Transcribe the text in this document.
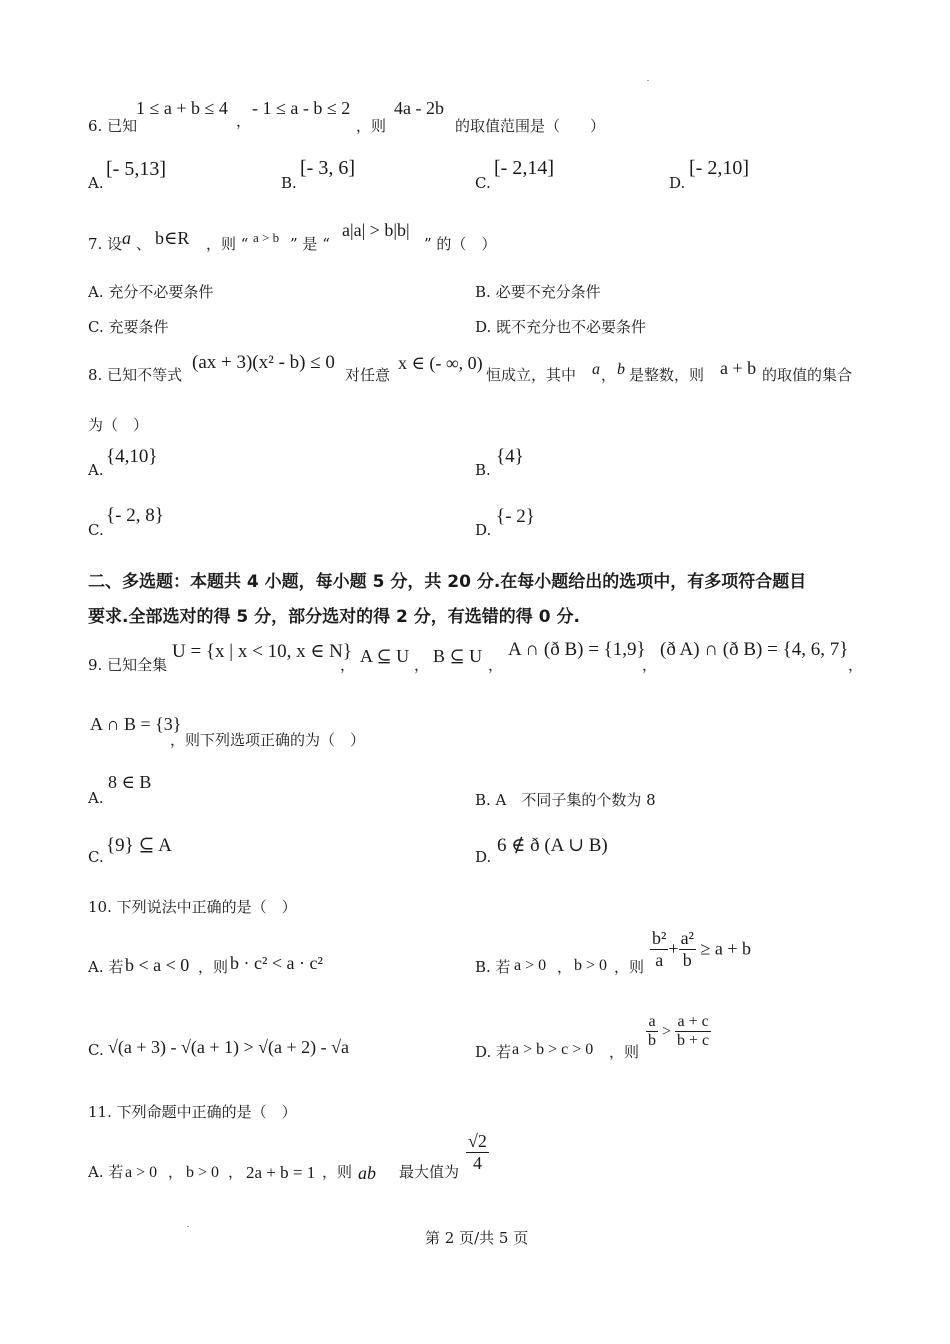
6. 已知
1 ≤ a + b ≤ 4
，
- 1 ≤ a - b ≤ 2
，则
4a - 2b
的取值范围是（　　）
A.
[- 5,13]
B.
[- 3, 6]
C.
[- 2,14]
D.
[- 2,10]
7. 设 a 、 b∈R ，则 “ a > b ” 是 “
a|a| > b|b|
” 的（　）
A. 充分不必要条件	B. 必要不充分条件
C. 充要条件	D. 既不充分也不必要条件
8. 已知不等式
(ax + 3)(x² - b) ≤ 0
对任意
x ∈ (- ∞, 0)
恒成立，其中 a ， b 是整数，则 a + b 的取值的集合
为（　）
A.
{4,10}
B.
{4}
C.
{- 2, 8}
D.
{- 2}
二、多选题：本题共 4 小题，每小题 5 分，共 20 分.在每小题给出的选项中，有多项符合题目
要求.全部选对的得 5 分，部分选对的得 2 分，有选错的得 0 分.
9. 已知全集
U = {x | x < 10, x ∈ N}
， A ⊆ U ， B ⊆ U ，
A ∩ (ð B) = {1,9}
，
(ð A) ∩ (ð B) = {4, 6, 7}
，
A ∩ B = {3}
，则下列选项正确的为（　）
A.
8 ∈ B
B. A　不同子集的个数为 8
C.
{9} ⊆ A
D.
6 ∉ ð (A ∪ B)
10. 下列说法中正确的是（　）
A. 若 b < a < 0 ，则 b · c² < a · c²	B. 若 a > 0 ， b > 0 ，则 $\frac{\text{b²}}{a} + \frac{\text{a²}}{b} \ge a + b$
C. √(a + 3) - √(a + 1) > √(a + 2) - √a	D. 若 a > b > c > 0 ，则
$\frac{a}{b} > \frac{a + c}{b + c}$
11. 下列命题中正确的是（　）
A. 若 a > 0 ， b > 0 ， 2a + b = 1 ，则 ab 最大值为 $\frac{√2}{4}$
第 2 页/共 5 页
